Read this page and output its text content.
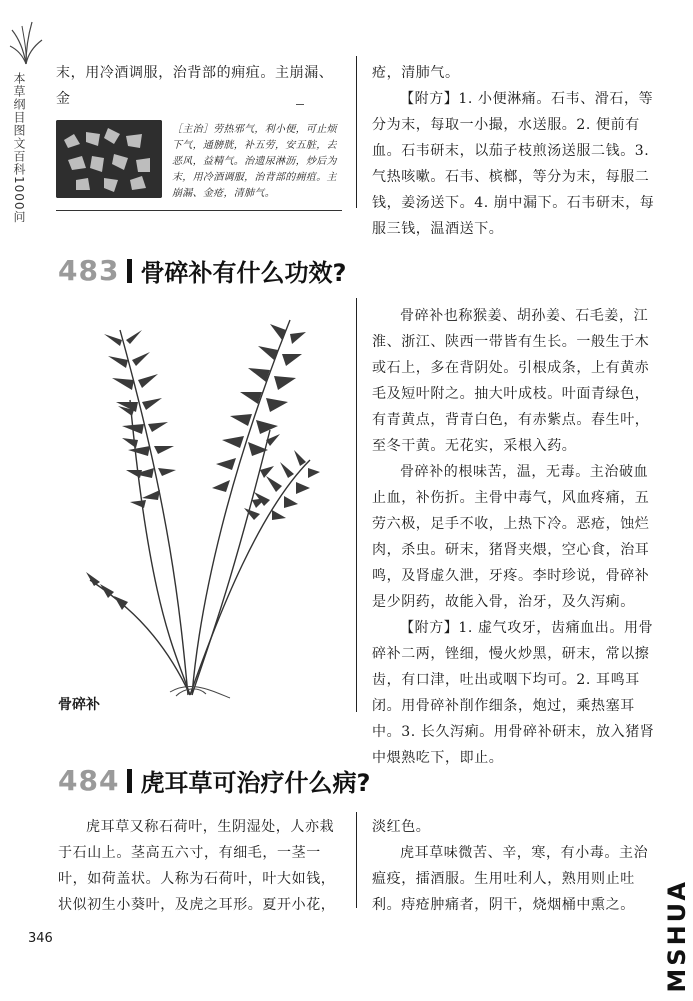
本草纲目图文百科1000问 末，用冷酒调服，治背部的痈疽。主崩漏、金

［主治］劳热邪气，利小便，可止烦下气，通膀胱，补五劳，安五脏，去恶风，益精气。治遗尿淋沥，炒后为末，用冷酒调服，治背部的痈疽。主崩漏、金疮，清肺气。

疮，清肺气。

【附方】1. 小便淋痛。石韦、滑石，等分为末，每取一小撮，水送服。2. 便前有血。石韦研末，以茄子枝煎汤送服二钱。3. 气热咳嗽。石韦、槟榔，等分为末，每服二钱，姜汤送下。4. 崩中漏下。石韦研末，每服三钱，温酒送下。

483 骨碎补有什么功效?
骨碎补

骨碎补也称猴姜、胡孙姜、石毛姜，江淮、浙江、陕西一带皆有生长。一般生于木或石上，多在背阴处。引根成条，上有黄赤毛及短叶附之。抽大叶成枝。叶面青绿色，有青黄点，背青白色，有赤紫点。春生叶，至冬干黄。无花实，采根入药。

骨碎补的根味苦，温，无毒。主治破血止血，补伤折。主骨中毒气，风血疼痛，五劳六极，足手不收，上热下冷。恶疮，蚀烂肉，杀虫。研末，猪肾夹煨，空心食，治耳鸣，及肾虚久泄，牙疼。李时珍说，骨碎补是少阴药，故能入骨，治牙，及久泻痢。

【附方】1. 虚气攻牙，齿痛血出。用骨碎补二两，锉细，慢火炒黑，研末，常以擦齿，有口津，吐出或咽下均可。2. 耳鸣耳闭。用骨碎补削作细条，炮过，乘热塞耳中。3. 长久泻痢。用骨碎补研末，放入猪肾中煨熟吃下，即止。

484 虎耳草可治疗什么病?

虎耳草又称石荷叶，生阴湿处，人亦栽于石山上。茎高五六寸，有细毛，一茎一叶，如荷盖状。人称为石荷叶，叶大如钱，状似初生小葵叶，及虎之耳形。夏开小花，

淡红色。

虎耳草味微苦、辛，寒，有小毒。主治瘟疫，擂酒服。生用吐利人，熟用则止吐利。痔疮肿痛者，阴干，烧烟桶中熏之。

346	MSHUA
